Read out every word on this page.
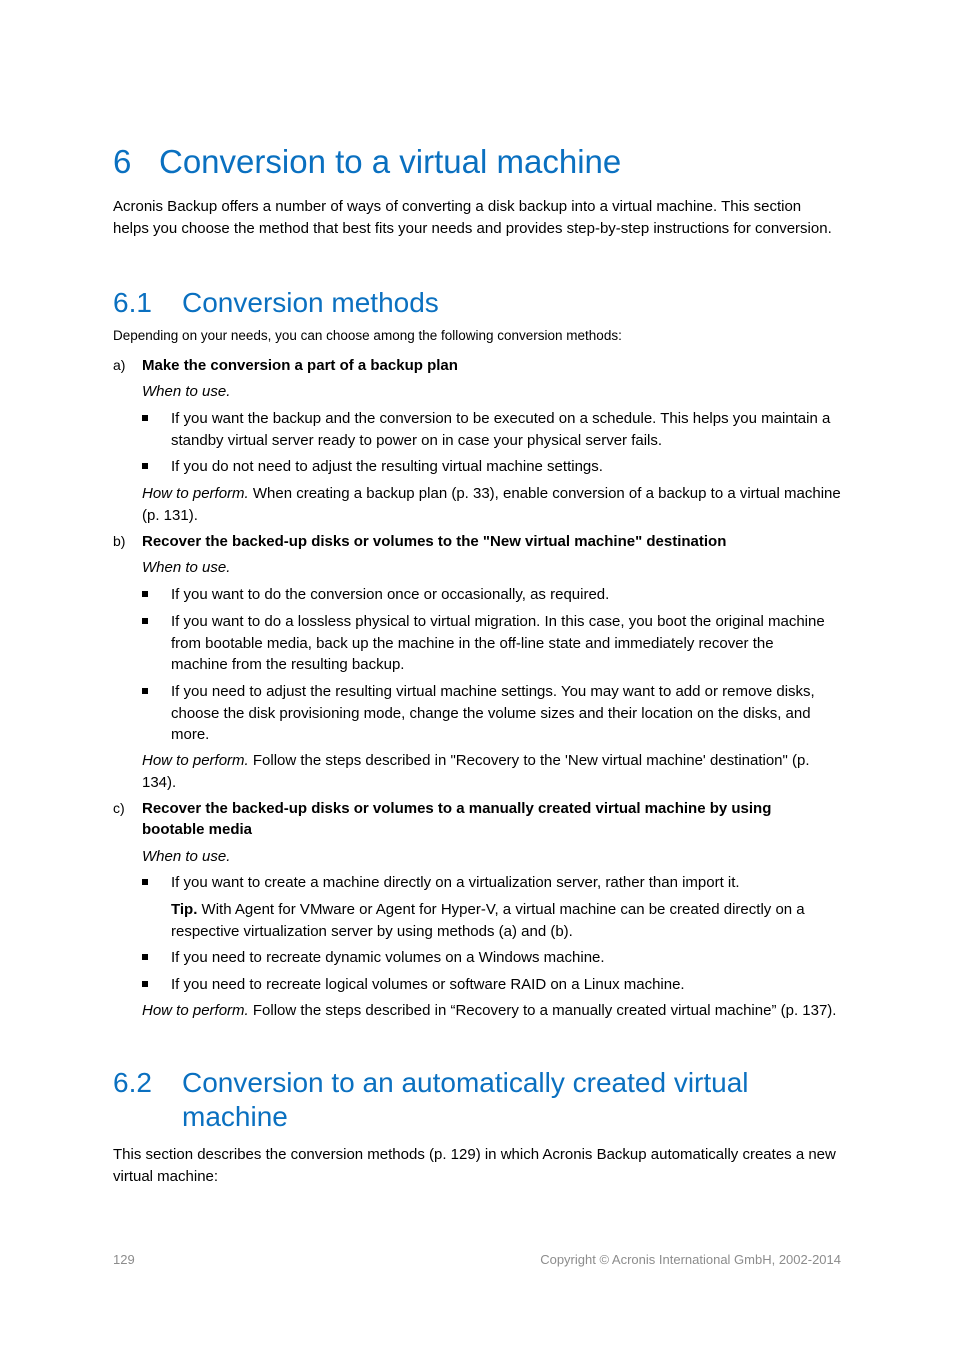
6 Conversion to a virtual machine
Acronis Backup offers a number of ways of converting a disk backup into a virtual machine. This section helps you choose the method that best fits your needs and provides step-by-step instructions for conversion.
6.1 Conversion methods
Depending on your needs, you can choose among the following conversion methods:
a) Make the conversion a part of a backup plan
When to use.
If you want the backup and the conversion to be executed on a schedule. This helps you maintain a standby virtual server ready to power on in case your physical server fails.
If you do not need to adjust the resulting virtual machine settings.
How to perform. When creating a backup plan (p. 33), enable conversion of a backup to a virtual machine (p. 131).
b) Recover the backed-up disks or volumes to the "New virtual machine" destination
When to use.
If you want to do the conversion once or occasionally, as required.
If you want to do a lossless physical to virtual migration. In this case, you boot the original machine from bootable media, back up the machine in the off-line state and immediately recover the machine from the resulting backup.
If you need to adjust the resulting virtual machine settings. You may want to add or remove disks, choose the disk provisioning mode, change the volume sizes and their location on the disks, and more.
How to perform. Follow the steps described in "Recovery to the 'New virtual machine' destination" (p. 134).
c) Recover the backed-up disks or volumes to a manually created virtual machine by using bootable media
When to use.
If you want to create a machine directly on a virtualization server, rather than import it.
Tip. With Agent for VMware or Agent for Hyper-V, a virtual machine can be created directly on a respective virtualization server by using methods (a) and (b).
If you need to recreate dynamic volumes on a Windows machine.
If you need to recreate logical volumes or software RAID on a Linux machine.
How to perform. Follow the steps described in “Recovery to a manually created virtual machine” (p. 137).
6.2 Conversion to an automatically created virtual machine
This section describes the conversion methods (p. 129) in which Acronis Backup automatically creates a new virtual machine:
129	Copyright © Acronis International GmbH, 2002-2014
